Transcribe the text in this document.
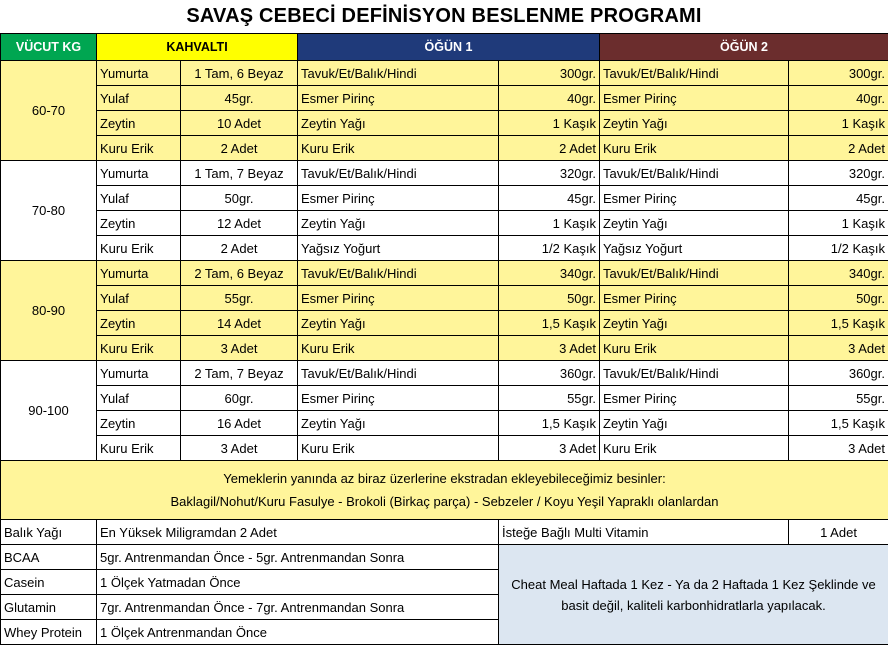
SAVAŞ CEBECİ DEFİNİSYON BESLENME PROGRAMI
VÜCUT KG	KAHVALTI		ÖĞÜN 1		ÖĞÜN 2	
60-70	Yumurta	1 Tam, 6 Beyaz	Tavuk/Et/Balık/Hindi	300gr.	Tavuk/Et/Balık/Hindi	300gr.
	Yulaf	45gr.	Esmer Pirinç	40gr.	Esmer Pirinç	40gr.
	Zeytin	10 Adet	Zeytin Yağı	1 Kaşık	Zeytin Yağı	1 Kaşık
	Kuru Erik	2 Adet	Kuru Erik	2 Adet	Kuru Erik	2 Adet
70-80	Yumurta	1 Tam, 7 Beyaz	Tavuk/Et/Balık/Hindi	320gr.	Tavuk/Et/Balık/Hindi	320gr.
	Yulaf	50gr.	Esmer Pirinç	45gr.	Esmer Pirinç	45gr.
	Zeytin	12 Adet	Zeytin Yağı	1 Kaşık	Zeytin Yağı	1 Kaşık
	Kuru Erik	2 Adet	Yağsız Yoğurt	1/2 Kaşık	Yağsız Yoğurt	1/2 Kaşık
80-90	Yumurta	2 Tam, 6 Beyaz	Tavuk/Et/Balık/Hindi	340gr.	Tavuk/Et/Balık/Hindi	340gr.
	Yulaf	55gr.	Esmer Pirinç	50gr.	Esmer Pirinç	50gr.
	Zeytin	14 Adet	Zeytin Yağı	1,5 Kaşık	Zeytin Yağı	1,5 Kaşık
	Kuru Erik	3 Adet	Kuru Erik	3 Adet	Kuru Erik	3 Adet
90-100	Yumurta	2 Tam, 7 Beyaz	Tavuk/Et/Balık/Hindi	360gr.	Tavuk/Et/Balık/Hindi	360gr.
	Yulaf	60gr.	Esmer Pirinç	55gr.	Esmer Pirinç	55gr.
	Zeytin	16 Adet	Zeytin Yağı	1,5 Kaşık	Zeytin Yağı	1,5 Kaşık
	Kuru Erik	3 Adet	Kuru Erik	3 Adet	Kuru Erik	3 Adet

Yemeklerin yanında az biraz üzerlerine ekstradan ekleyebileceğimiz besinler:
Baklagil/Nohut/Kuru Fasulye - Brokoli (Birkaç parça) - Sebzeler / Koyu Yeşil Yapraklı olanlardan						

Balık Yağı	En Yüksek Miligramdan 2 Adet			İsteğe Bağlı Multi Vitamin		1 Adet
BCAA	5gr. Antrenmandan Önce - 5gr. Antrenmandan Sonra			Cheat Meal Haftada 1 Kez - Ya da 2 Haftada 1 Kez Şeklinde ve basit değil, kaliteli karbonhidratlarla yapılacak.		
Casein	1 Ölçek Yatmadan Önce					
Glutamin	7gr. Antrenmandan Önce - 7gr. Antrenmandan Sonra					
Whey Protein	1 Ölçek Antrenmandan Önce					
